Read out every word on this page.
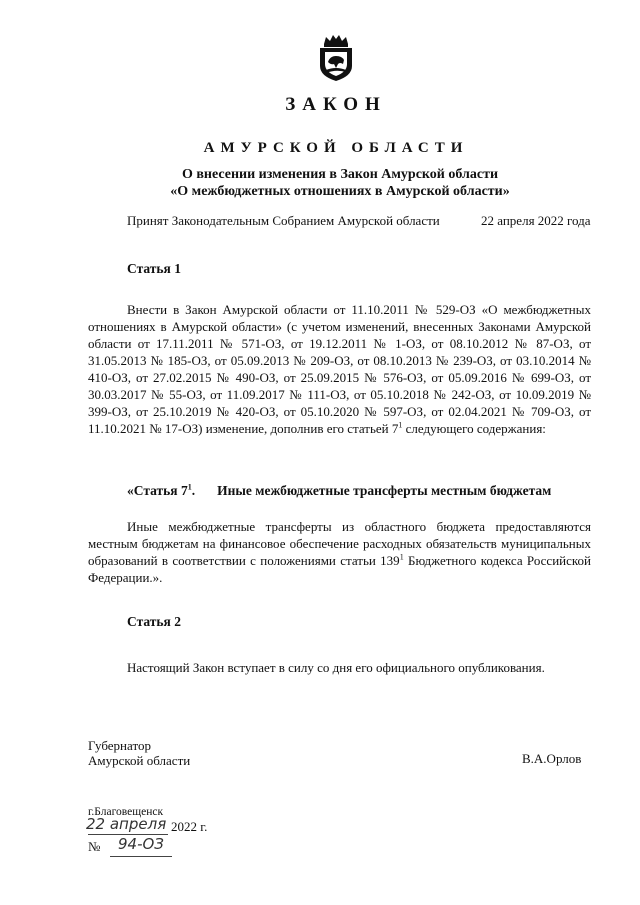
ЗАКОН
АМУРСКОЙ ОБЛАСТИ
О внесении изменения в Закон Амурской области
«О межбюджетных отношениях в Амурской области»
Принят Законодательным Собранием Амурской области	22 апреля 2022 года
Статья 1
Внести в Закон Амурской области от 11.10.2011 № 529-ОЗ «О межбюджетных отношениях в Амурской области» (с учетом изменений, внесенных Законами Амурской области от 17.11.2011 № 571-ОЗ, от 19.12.2011 № 1-ОЗ, от 08.10.2012 № 87-ОЗ, от 31.05.2013 № 185-ОЗ, от 05.09.2013 № 209-ОЗ, от 08.10.2013 № 239-ОЗ, от 03.10.2014 № 410-ОЗ, от 27.02.2015 № 490-ОЗ, от 25.09.2015 № 576-ОЗ, от 05.09.2016 № 699-ОЗ, от 30.03.2017 № 55-ОЗ, от 11.09.2017 № 111-ОЗ, от 05.10.2018 № 242-ОЗ, от 10.09.2019 № 399-ОЗ, от 25.10.2019 № 420-ОЗ, от 05.10.2020 № 597-ОЗ, от 02.04.2021 № 709-ОЗ, от 11.10.2021 № 17-ОЗ) изменение, дополнив его статьей $7^1$ следующего содержания:
«Статья $7^1$. Иные межбюджетные трансферты местным бюджетам
Иные межбюджетные трансферты из областного бюджета предоставляются местным бюджетам на финансовое обеспечение расходных обязательств муниципальных образований в соответствии с положениями статьи $139^1$ Бюджетного кодекса Российской Федерации.».
Статья 2
Настоящий Закон вступает в силу со дня его официального опубликования.
Губернатор
Амурской области	В.А.Орлов
г.Благовещенск
22 апреля 2022 г.
№ 94-ОЗ
